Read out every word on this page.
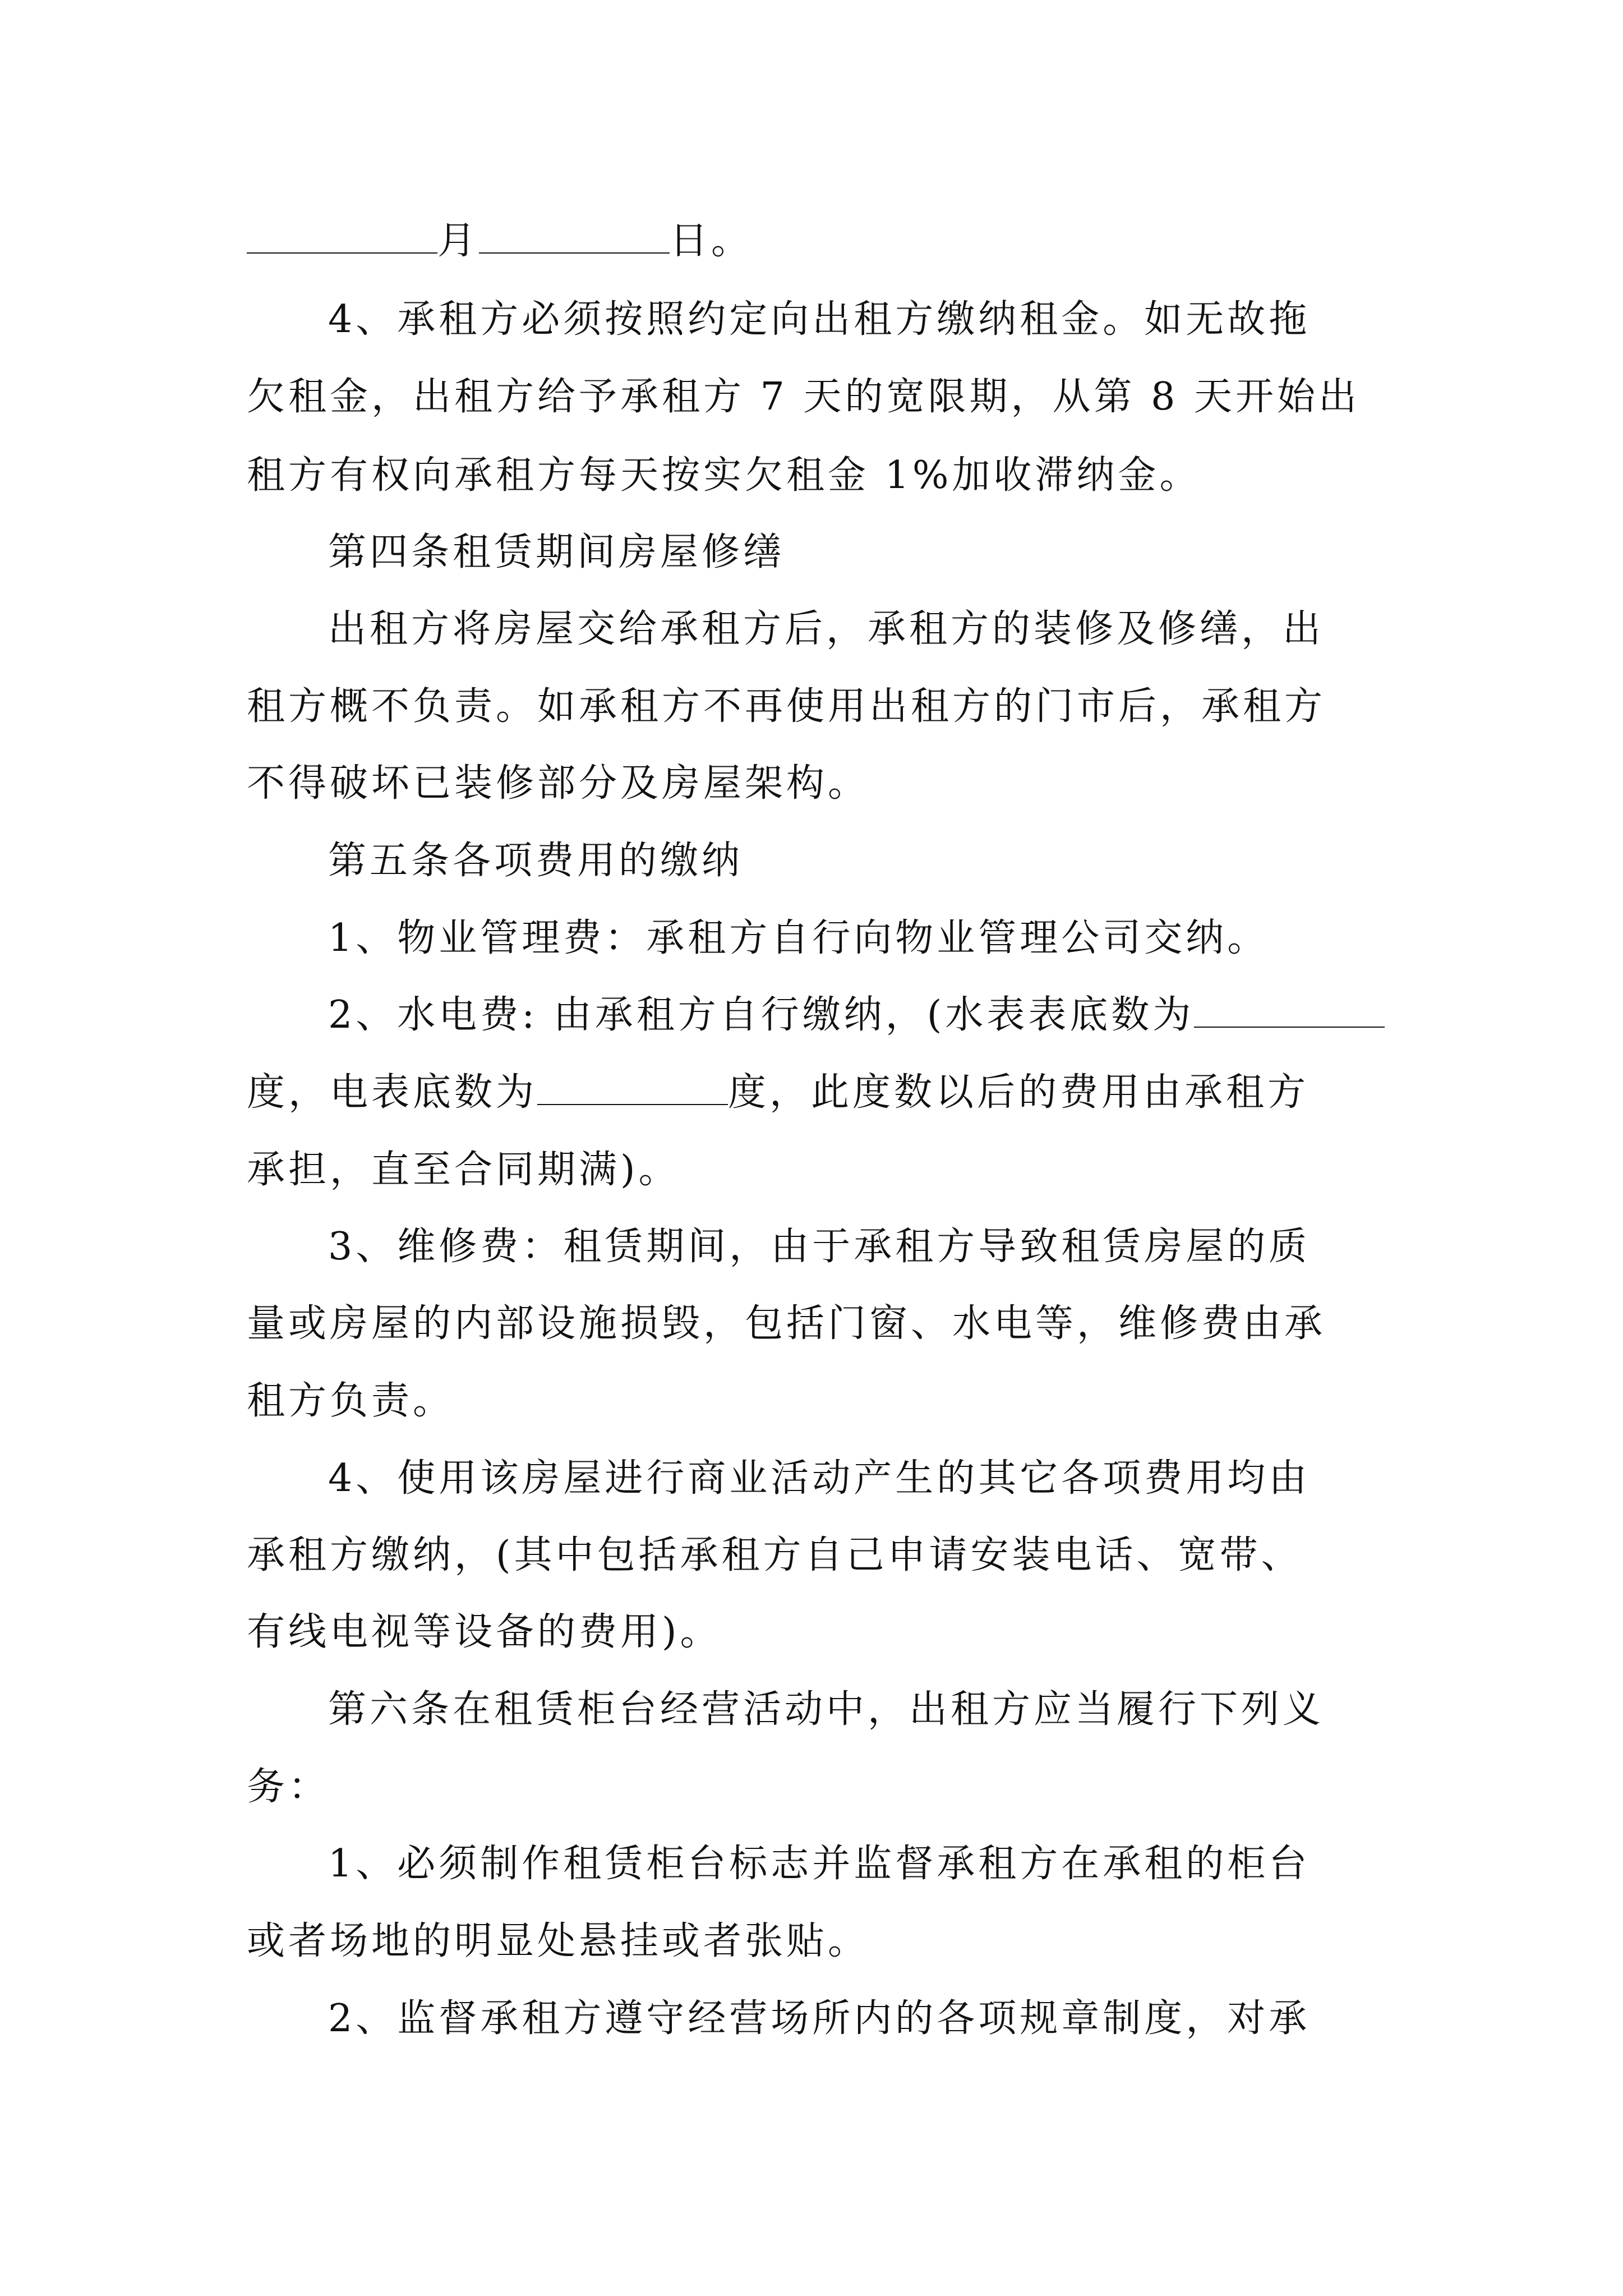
月	日。
4、承租方必须按照约定向出租方缴纳租金。如无故拖
欠租金，出租方给予承租方 7 天的宽限期，从第 8 天开始出
租方有权向承租方每天按实欠租金 1%加收滞纳金。
第四条租赁期间房屋修缮
出租方将房屋交给承租方后，承租方的装修及修缮，出
租方概不负责。如承租方不再使用出租方的门市后，承租方
不得破坏已装修部分及房屋架构。
第五条各项费用的缴纳
1、物业管理费：承租方自行向物业管理公司交纳。
2、水电费: 由承租方自行缴纳，(水表表底数为
度，电表底数为	度，此度数以后的费用由承租方
承担，直至合同期满)。
3、维修费：租赁期间，由于承租方导致租赁房屋的质
量或房屋的内部设施损毁，包括门窗、水电等，维修费由承
租方负责。
4、使用该房屋进行商业活动产生的其它各项费用均由
承租方缴纳，(其中包括承租方自己申请安装电话、宽带、
有线电视等设备的费用)。
第六条在租赁柜台经营活动中，出租方应当履行下列义
务：
1、必须制作租赁柜台标志并监督承租方在承租的柜台
或者场地的明显处悬挂或者张贴。
2、监督承租方遵守经营场所内的各项规章制度，对承
